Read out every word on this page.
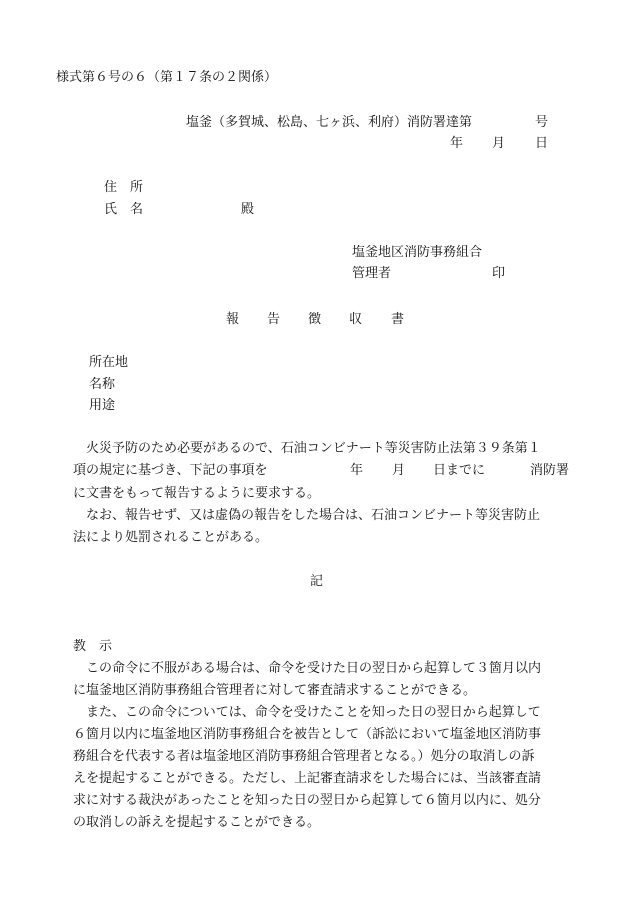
様式第６号の６（第１７条の２関係）
塩釜（多賀城、松島、七ヶ浜、利府）消防署達第	号
年 月 日
住　所
氏　名	殿
塩釜地区消防事務組合
管理者	印
報 告 徴 収 書
所在地
名称
用途
　火災予防のため必要があるので、石油コンビナート等災害防止法第３９条第１
項の規定に基づき、下記の事項を	年 月 日までに	消防署
に文書をもって報告するように要求する。
　なお、報告せず、又は虚偽の報告をした場合は、石油コンビナート等災害防止
法により処罰されることがある。
記
教　示
　この命令に不服がある場合は、命令を受けた日の翌日から起算して３箇月以内
に塩釜地区消防事務組合管理者に対して審査請求することができる。
　また、この命令については、命令を受けたことを知った日の翌日から起算して
６箇月以内に塩釜地区消防事務組合を被告として（訴訟において塩釜地区消防事
務組合を代表する者は塩釜地区消防事務組合管理者となる。）処分の取消しの訴
えを提起することができる。ただし、上記審査請求をした場合には、当該審査請
求に対する裁決があったことを知った日の翌日から起算して６箇月以内に、処分
の取消しの訴えを提起することができる。
